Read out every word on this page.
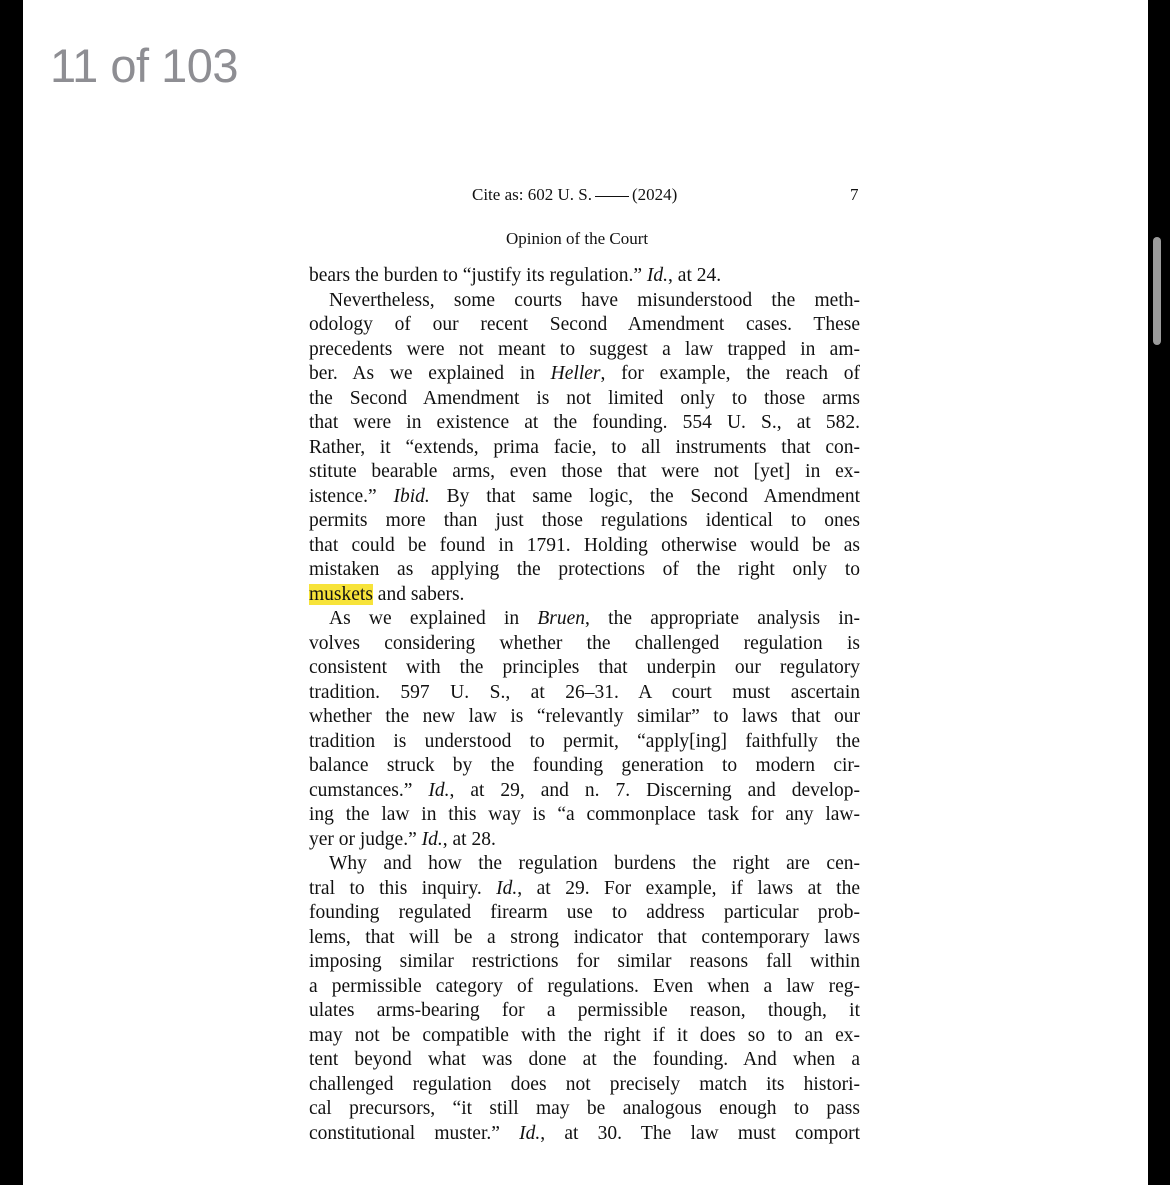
11 of 103
Cite as: 602 U. S. (2024)	7
Opinion of the Court
bears the burden to “justify its regulation.” Id., at 24.
Nevertheless, some courts have misunderstood the meth-
odology of our recent Second Amendment cases. These
precedents were not meant to suggest a law trapped in am-
ber. As we explained in Heller, for example, the reach of
the Second Amendment is not limited only to those arms
that were in existence at the founding. 554 U. S., at 582.
Rather, it “extends, prima facie, to all instruments that con-
stitute bearable arms, even those that were not [yet] in ex-
istence.” Ibid. By that same logic, the Second Amendment
permits more than just those regulations identical to ones
that could be found in 1791. Holding otherwise would be as
mistaken as applying the protections of the right only to
muskets and sabers.
As we explained in Bruen, the appropriate analysis in-
volves considering whether the challenged regulation is
consistent with the principles that underpin our regulatory
tradition. 597 U. S., at 26–31. A court must ascertain
whether the new law is “relevantly similar” to laws that our
tradition is understood to permit, “apply[ing] faithfully the
balance struck by the founding generation to modern cir-
cumstances.” Id., at 29, and n. 7. Discerning and develop-
ing the law in this way is “a commonplace task for any law-
yer or judge.” Id., at 28.
Why and how the regulation burdens the right are cen-
tral to this inquiry. Id., at 29. For example, if laws at the
founding regulated firearm use to address particular prob-
lems, that will be a strong indicator that contemporary laws
imposing similar restrictions for similar reasons fall within
a permissible category of regulations. Even when a law reg-
ulates arms-bearing for a permissible reason, though, it
may not be compatible with the right if it does so to an ex-
tent beyond what was done at the founding. And when a
challenged regulation does not precisely match its histori-
cal precursors, “it still may be analogous enough to pass
constitutional muster.” Id., at 30. The law must comport
